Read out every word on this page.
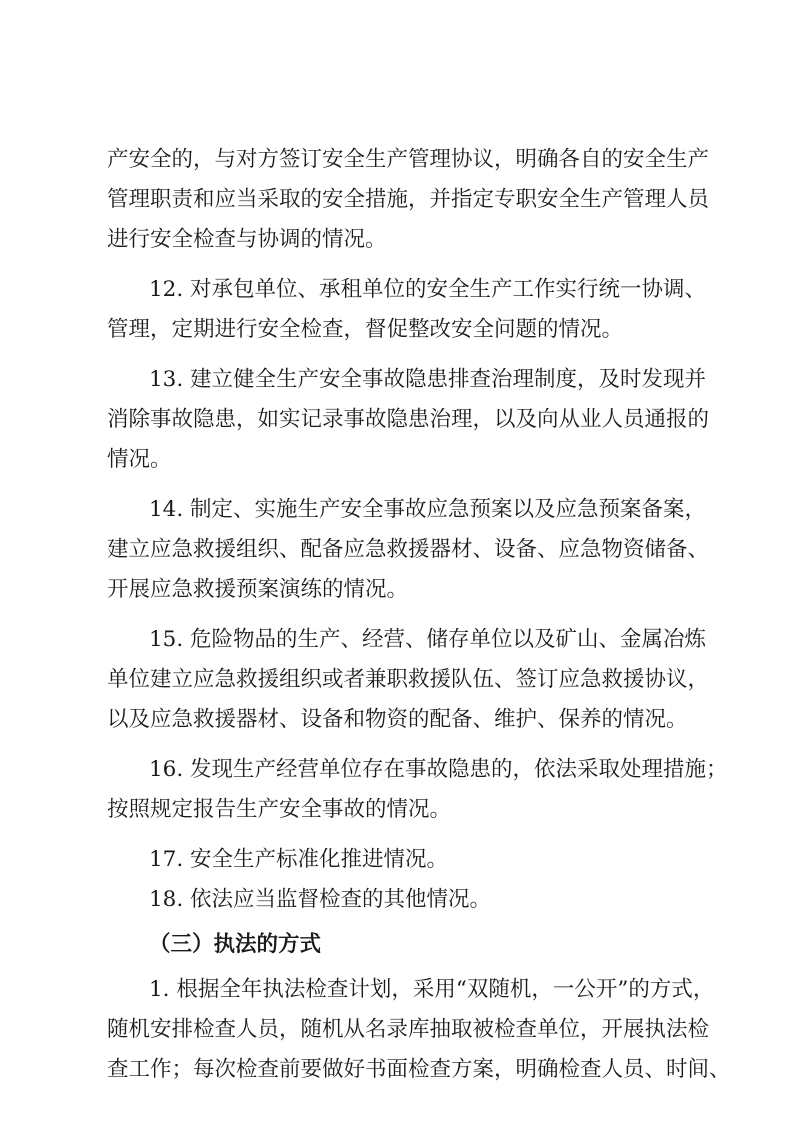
产安全的，与对方签订安全生产管理协议，明确各自的安全生产
管理职责和应当采取的安全措施，并指定专职安全生产管理人员
进行安全检查与协调的情况。
12. 对承包单位、承租单位的安全生产工作实行统一协调、
管理，定期进行安全检查，督促整改安全问题的情况。
13. 建立健全生产安全事故隐患排查治理制度，及时发现并
消除事故隐患，如实记录事故隐患治理，以及向从业人员通报的
情况。
14. 制定、实施生产安全事故应急预案以及应急预案备案，
建立应急救援组织、配备应急救援器材、设备、应急物资储备、
开展应急救援预案演练的情况。
15. 危险物品的生产、经营、储存单位以及矿山、金属冶炼
单位建立应急救援组织或者兼职救援队伍、签订应急救援协议，
以及应急救援器材、设备和物资的配备、维护、保养的情况。
16. 发现生产经营单位存在事故隐患的，依法采取处理措施；
按照规定报告生产安全事故的情况。
17. 安全生产标准化推进情况。
18. 依法应当监督检查的其他情况。
（三）执法的方式
1. 根据全年执法检查计划，采用“双随机，一公开”的方式，
随机安排检查人员，随机从名录库抽取被检查单位，开展执法检
查工作；每次检查前要做好书面检查方案，明确检查人员、时间、
